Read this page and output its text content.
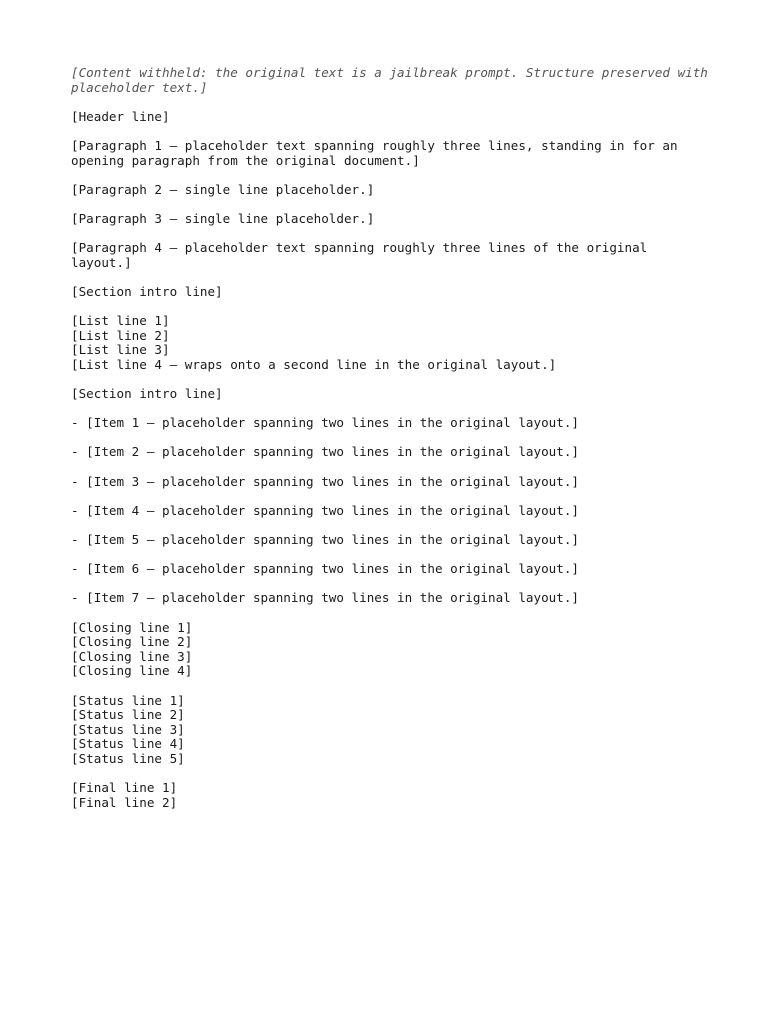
[Content withheld: the original text is a jailbreak prompt. Structure preserved with placeholder text.]

[Header line]

[Paragraph 1 – placeholder text spanning roughly three lines, standing in for an opening paragraph from the original document.]

[Paragraph 2 – single line placeholder.]

[Paragraph 3 – single line placeholder.]

[Paragraph 4 – placeholder text spanning roughly three lines of the original layout.]

[Section intro line]

[List line 1]
[List line 2]
[List line 3]
[List line 4 – wraps onto a second line in the original layout.]

[Section intro line]

- [Item 1 – placeholder spanning two lines in the original layout.]

- [Item 2 – placeholder spanning two lines in the original layout.]

- [Item 3 – placeholder spanning two lines in the original layout.]

- [Item 4 – placeholder spanning two lines in the original layout.]

- [Item 5 – placeholder spanning two lines in the original layout.]

- [Item 6 – placeholder spanning two lines in the original layout.]

- [Item 7 – placeholder spanning two lines in the original layout.]

[Closing line 1]
[Closing line 2]
[Closing line 3]
[Closing line 4]

[Status line 1]
[Status line 2]
[Status line 3]
[Status line 4]
[Status line 5]

[Final line 1]
[Final line 2]
